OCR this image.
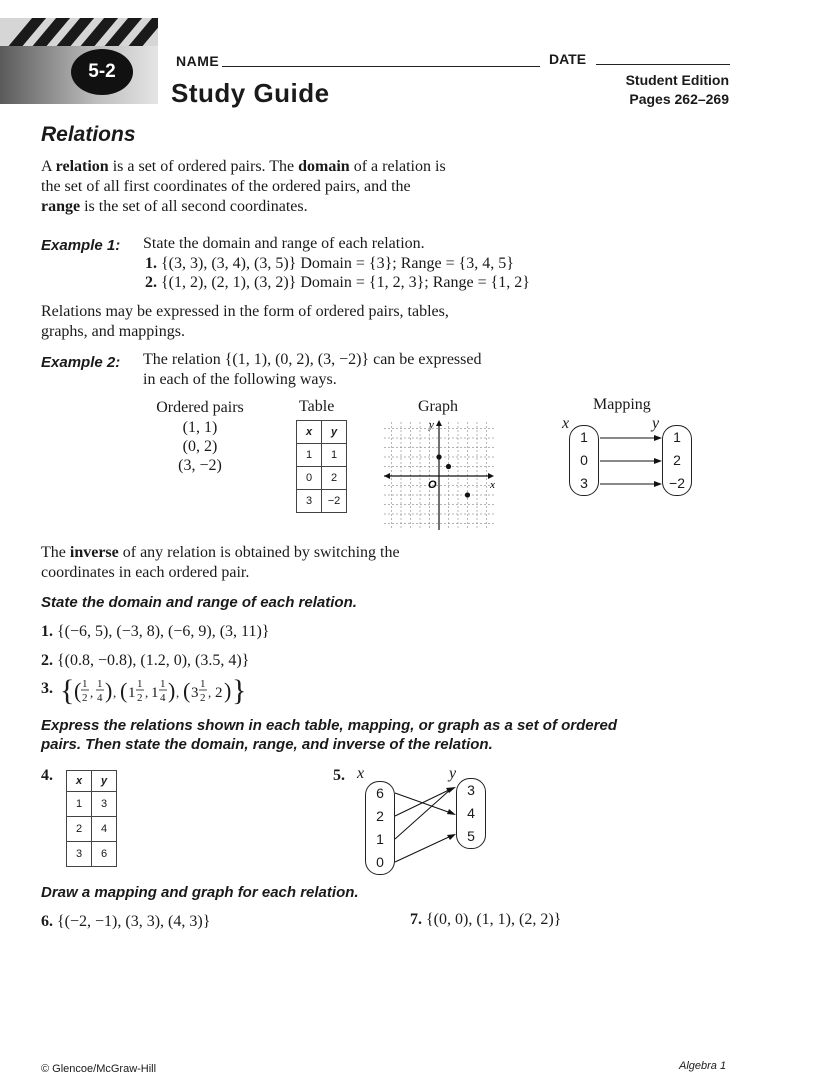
5-2	NAME	DATE
Study Guide	Student Edition
Pages 262–269
Relations
A relation is a set of ordered pairs. The domain of a relation is
the set of all first coordinates of the ordered pairs, and the
range is the set of all second coordinates.
Example 1: State the domain and range of each relation.
1. {(3, 3), (3, 4), (3, 5)} Domain = {3}; Range = {3, 4, 5}
2. {(1, 2), (2, 1), (3, 2)} Domain = {1, 2, 3}; Range = {1, 2}
Relations may be expressed in the form of ordered pairs, tables,
graphs, and mappings.
Example 2: The relation {(1, 1), (0, 2), (3, −2)} can be expressed
in each of the following ways.
Ordered pairs
(1, 1)
(0, 2)
(3, −2)
Table
x	y
1	1
0	2
3	−2
Graph
y
x
O
Mapping
x	y
1
0
3
1
2
−2
The inverse of any relation is obtained by switching the
coordinates in each ordered pair.
State the domain and range of each relation.
1. {(−6, 5), (−3, 8), (−6, 9), (3, 11)}
2. {(0.8, −0.8), (1.2, 0), (3.5, 4)}
3. { ( 1
2 ,
1
4 ) , ( 1
1
2 , 1
1
4 ) , ( 3
1
2 , 2 ) }
Express the relations shown in each table, mapping, or graph as a set of ordered
pairs. Then state the domain, range, and inverse of the relation.
4. x	y
1	3
2	4
3	6
5. x	y
6
2
1
0
3
4
5
Draw a mapping and graph for each relation.
6. {(−2, −1), (3, 3), (4, 3)}	7. {(0, 0), (1, 1), (2, 2)}
© Glencoe/McGraw-Hill	Algebra 1
